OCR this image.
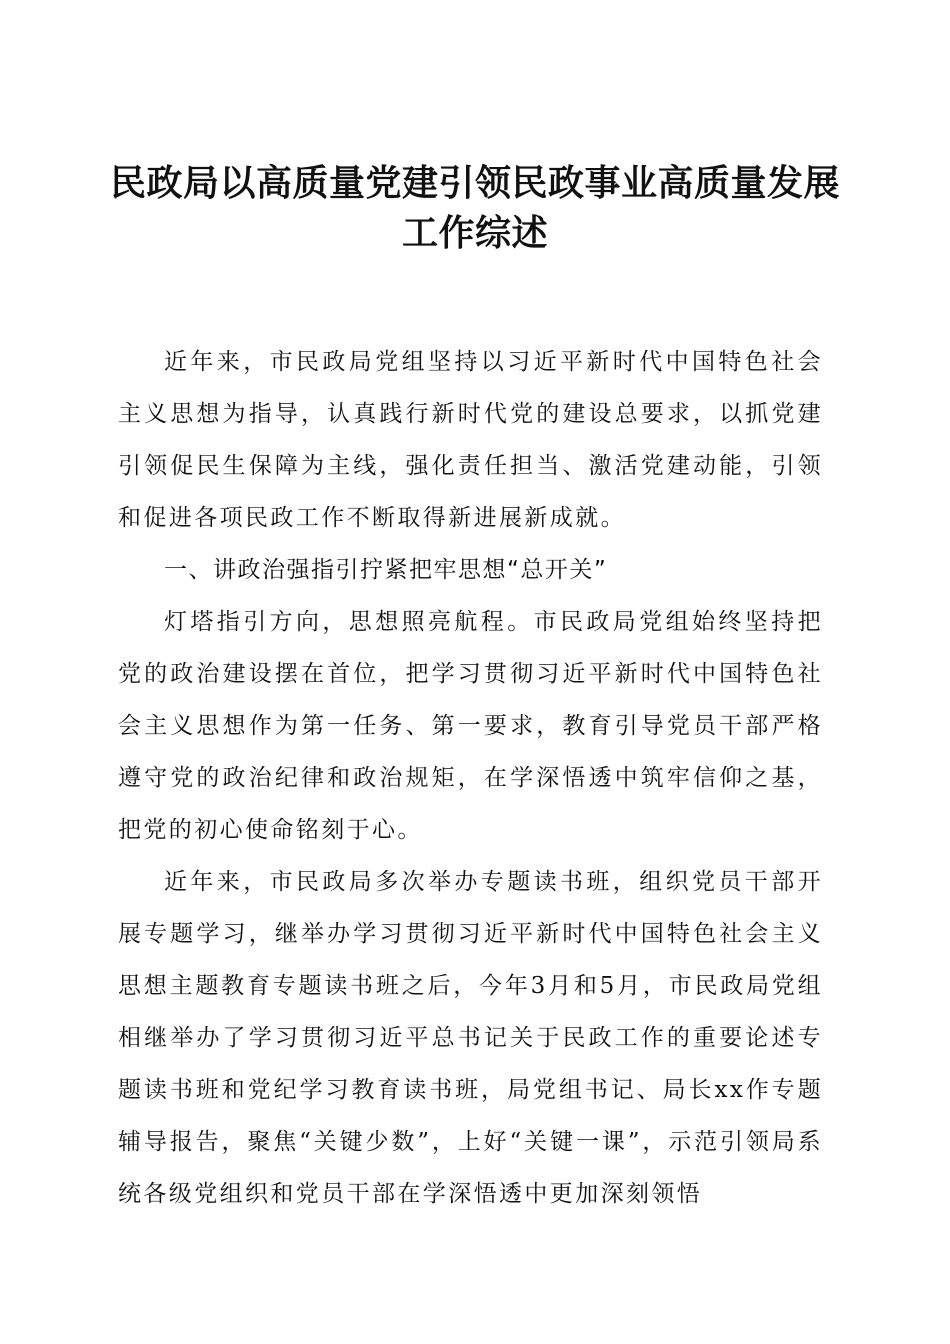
民政局以高质量党建引领民政事业高质量发展
工作综述

近年来，市民政局党组坚持以习近平新时代中国特色社会主义思想为指导，认真践行新时代党的建设总要求，以抓党建引领促民生保障为主线，强化责任担当、激活党建动能，引领和促进各项民政工作不断取得新进展新成就。

一、讲政治强指引拧紧把牢思想“总开关”

灯塔指引方向，思想照亮航程。市民政局党组始终坚持把党的政治建设摆在首位，把学习贯彻习近平新时代中国特色社会主义思想作为第一任务、第一要求，教育引导党员干部严格遵守党的政治纪律和政治规矩，在学深悟透中筑牢信仰之基，把党的初心使命铭刻于心。

近年来，市民政局多次举办专题读书班，组织党员干部开展专题学习，继举办学习贯彻习近平新时代中国特色社会主义思想主题教育专题读书班之后，今年3月和5月，市民政局党组相继举办了学习贯彻习近平总书记关于民政工作的重要论述专题读书班和党纪学习教育读书班，局党组书记、局长xx作专题辅导报告，聚焦“关键少数”，上好“关键一课”，示范引领局系统各级党组织和党员干部在学深悟透中更加深刻领悟
